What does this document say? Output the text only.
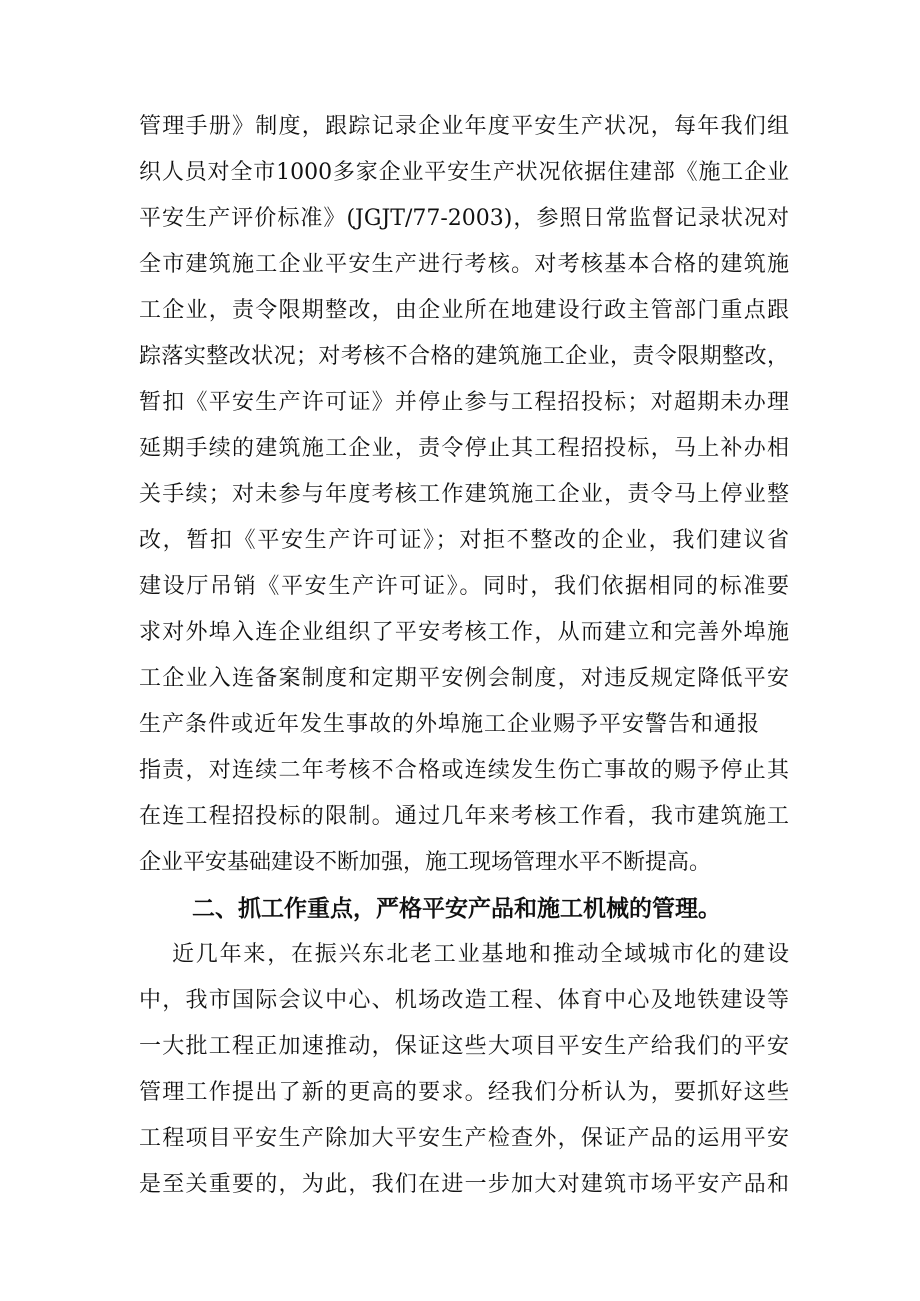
管理手册》制度，跟踪记录企业年度平安生产状况，每年我们组
织人员对全市1000多家企业平安生产状况依据住建部《施工企业
平安生产评价标准》(JGJT/77-2003)，参照日常监督记录状况对
全市建筑施工企业平安生产进行考核。对考核基本合格的建筑施
工企业，责令限期整改，由企业所在地建设行政主管部门重点跟
踪落实整改状况；对考核不合格的建筑施工企业，责令限期整改，
暂扣《平安生产许可证》并停止参与工程招投标；对超期未办理
延期手续的建筑施工企业，责令停止其工程招投标，马上补办相
关手续；对未参与年度考核工作建筑施工企业，责令马上停业整
改，暂扣《平安生产许可证》；对拒不整改的企业，我们建议省
建设厅吊销《平安生产许可证》。同时，我们依据相同的标准要
求对外埠入连企业组织了平安考核工作，从而建立和完善外埠施
工企业入连备案制度和定期平安例会制度，对违反规定降低平安
生产条件或近年发生事故的外埠施工企业赐予平安警告和通报
指责，对连续二年考核不合格或连续发生伤亡事故的赐予停止其
在连工程招投标的限制。通过几年来考核工作看，我市建筑施工
企业平安基础建设不断加强，施工现场管理水平不断提高。
二、抓工作重点，严格平安产品和施工机械的管理。
近几年来，在振兴东北老工业基地和推动全域城市化的建设
中，我市国际会议中心、机场改造工程、体育中心及地铁建设等
一大批工程正加速推动，保证这些大项目平安生产给我们的平安
管理工作提出了新的更高的要求。经我们分析认为，要抓好这些
工程项目平安生产除加大平安生产检查外，保证产品的运用平安
是至关重要的，为此，我们在进一步加大对建筑市场平安产品和
